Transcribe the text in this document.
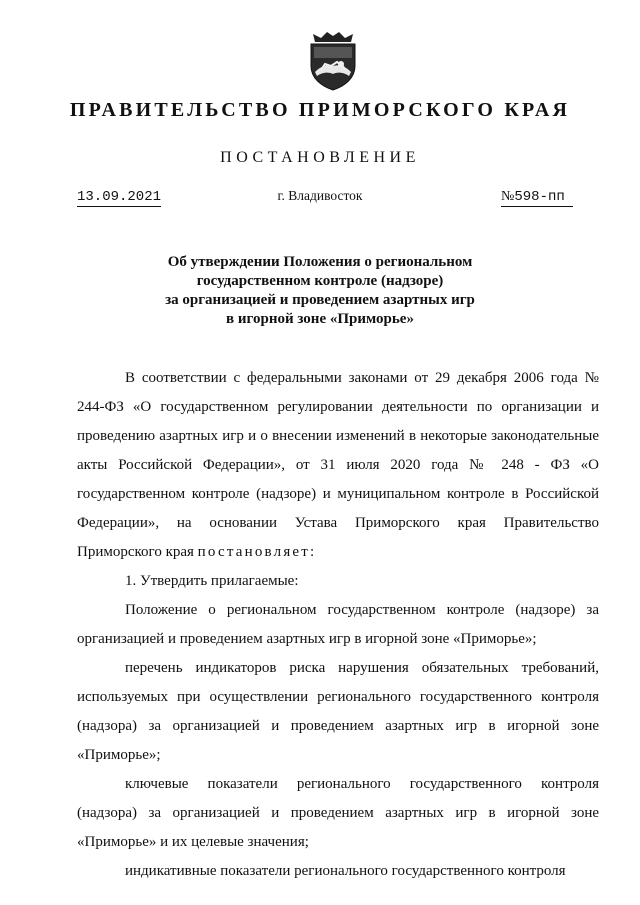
ПРАВИТЕЛЬСТВО ПРИМОРСКОГО КРАЯ
ПОСТАНОВЛЕНИЕ
13.09.2021	г. Владивосток	№598-пп
Об утверждении Положения о региональном
государственном контроле (надзоре)
за организацией и проведением азартных игр
в игорной зоне «Приморье»

В соответствии с федеральными законами от 29 декабря 2006 года № 244-ФЗ «О государственном регулировании деятельности по организации и проведению азартных игр и о внесении изменений в некоторые законодательные акты Российской Федерации», от 31 июля 2020 года № 248 - ФЗ «О государственном контроле (надзоре) и муниципальном контроле в Российской Федерации», на основании Устава Приморского края Правительство Приморского края постановляет:

1. Утвердить прилагаемые:

Положение о региональном государственном контроле (надзоре) за организацией и проведением азартных игр в игорной зоне «Приморье»;

перечень индикаторов риска нарушения обязательных требований, используемых при осуществлении регионального государственного контроля (надзора) за организацией и проведением азартных игр в игорной зоне «Приморье»;

ключевые показатели регионального государственного контроля (надзора) за организацией и проведением азартных игр в игорной зоне «Приморье» и их целевые значения;

индикативные показатели регионального государственного контроля
